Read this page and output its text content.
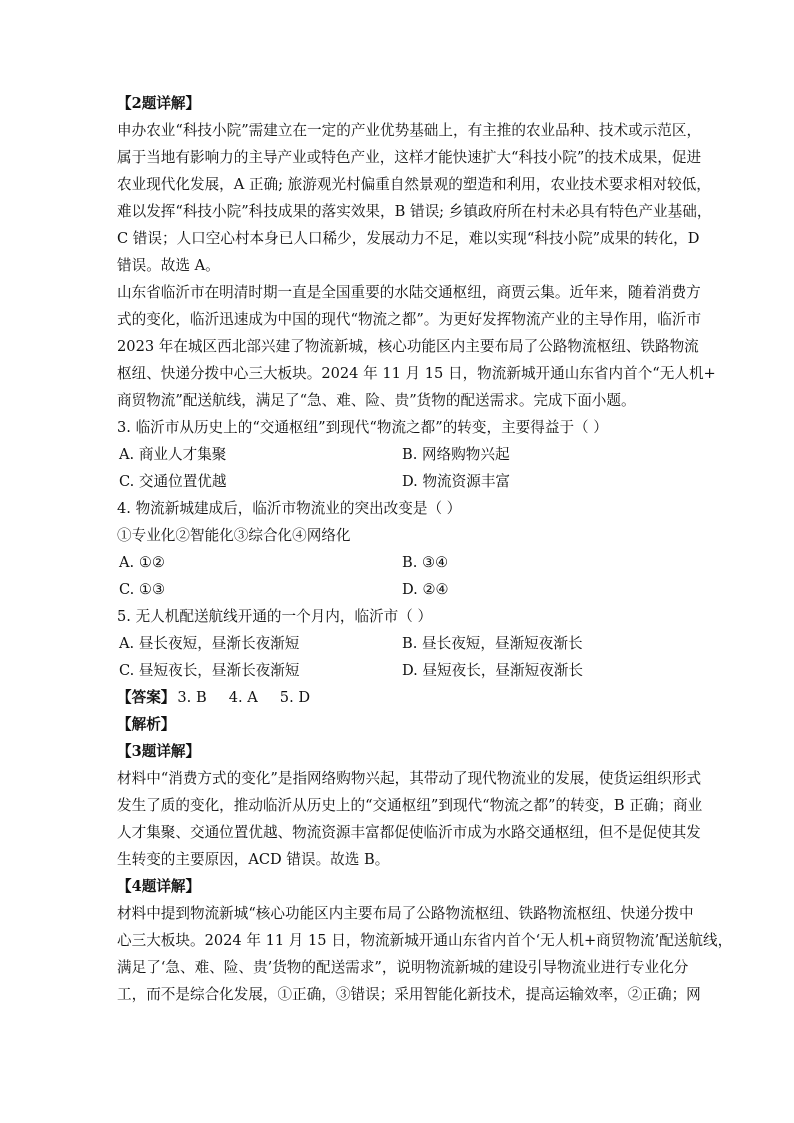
【2题详解】
申办农业“科技小院”需建立在一定的产业优势基础上，有主推的农业品种、技术或示范区，
属于当地有影响力的主导产业或特色产业，这样才能快速扩大“科技小院”的技术成果，促进
农业现代化发展，A 正确; 旅游观光村偏重自然景观的塑造和利用，农业技术要求相对较低，
难以发挥“科技小院”科技成果的落实效果，B 错误; 乡镇政府所在村未必具有特色产业基础，
C 错误；人口空心村本身已人口稀少，发展动力不足，难以实现“科技小院”成果的转化，D
错误。故选 A。
山东省临沂市在明清时期一直是全国重要的水陆交通枢纽，商贾云集。近年来，随着消费方
式的变化，临沂迅速成为中国的现代“物流之都”。为更好发挥物流产业的主导作用，临沂市
2023 年在城区西北部兴建了物流新城，核心功能区内主要布局了公路物流枢纽、铁路物流
枢纽、快递分拨中心三大板块。2024 年 11 月 15 日，物流新城开通山东省内首个“无人机+
商贸物流”配送航线，满足了“急、难、险、贵”货物的配送需求。完成下面小题。
3. 临沂市从历史上的“交通枢纽”到现代“物流之都”的转变，主要得益于（ ）
A. 商业人才集聚	B. 网络购物兴起
C. 交通位置优越	D. 物流资源丰富
4. 物流新城建成后，临沂市物流业的突出改变是（ ）
①专业化②智能化③综合化④网络化
A. ①②	B. ③④
C. ①③	D. ②④
5. 无人机配送航线开通的一个月内，临沂市（ ）
A. 昼长夜短，昼渐长夜渐短	B. 昼长夜短，昼渐短夜渐长
C. 昼短夜长，昼渐长夜渐短	D. 昼短夜长，昼渐短夜渐长
【答案】 3. B 4. A 5. D
【解析】
【3题详解】
材料中“消费方式的变化”是指网络购物兴起，其带动了现代物流业的发展，使货运组织形式
发生了质的变化，推动临沂从历史上的“交通枢纽”到现代“物流之都”的转变，B 正确；商业
人才集聚、交通位置优越、物流资源丰富都促使临沂市成为水路交通枢纽，但不是促使其发
生转变的主要原因，ACD 错误。故选 B。
【4题详解】
材料中提到物流新城“核心功能区内主要布局了公路物流枢纽、铁路物流枢纽、快递分拨中
心三大板块。2024 年 11 月 15 日，物流新城开通山东省内首个‘无人机+商贸物流’配送航线，
满足了‘急、难、险、贵’货物的配送需求”，说明物流新城的建设引导物流业进行专业化分
工，而不是综合化发展，①正确，③错误；采用智能化新技术，提高运输效率，②正确；网
